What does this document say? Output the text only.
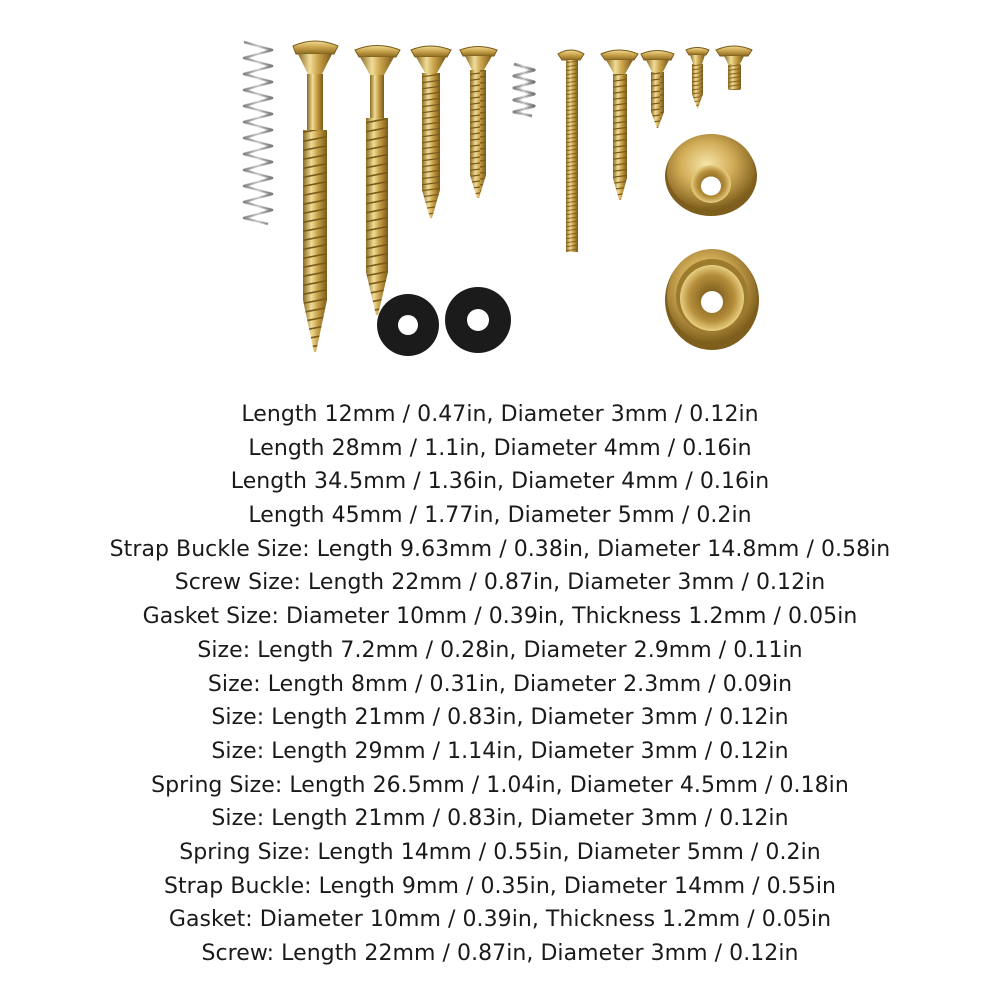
Length 12mm / 0.47in, Diameter 3mm / 0.12in
Length 28mm / 1.1in, Diameter 4mm / 0.16in
Length 34.5mm / 1.36in, Diameter 4mm / 0.16in
Length 45mm / 1.77in, Diameter 5mm / 0.2in
Strap Buckle Size: Length 9.63mm / 0.38in, Diameter 14.8mm / 0.58in
Screw Size: Length 22mm / 0.87in, Diameter 3mm / 0.12in
Gasket Size: Diameter 10mm / 0.39in, Thickness 1.2mm / 0.05in
Size: Length 7.2mm / 0.28in, Diameter 2.9mm / 0.11in
Size: Length 8mm / 0.31in, Diameter 2.3mm / 0.09in
Size: Length 21mm / 0.83in, Diameter 3mm / 0.12in
Size: Length 29mm / 1.14in, Diameter 3mm / 0.12in
Spring Size: Length 26.5mm / 1.04in, Diameter 4.5mm / 0.18in
Size: Length 21mm / 0.83in, Diameter 3mm / 0.12in
Spring Size: Length 14mm / 0.55in, Diameter 5mm / 0.2in
Strap Buckle: Length 9mm / 0.35in, Diameter 14mm / 0.55in
Gasket: Diameter 10mm / 0.39in, Thickness 1.2mm / 0.05in
Screw: Length 22mm / 0.87in, Diameter 3mm / 0.12in
